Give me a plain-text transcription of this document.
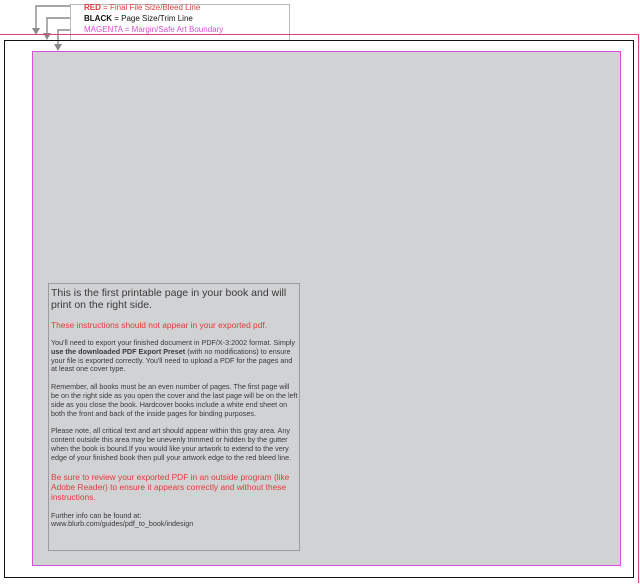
RED = Final File Size/Bleed Line
BLACK = Page Size/Trim Line
MAGENTA = Margin/Safe Art Boundary

This is the first printable page in your book and will print on the right side.

These instructions should not appear in your exported pdf.

You'll need to export your finished document in PDF/X-3:2002 format. Simply use the downloaded PDF Export Preset (with no modifications) to ensure your file is exported correctly. You'll need to upload a PDF for the pages and at least one cover type.

Remember, all books must be an even number of pages. The first page will be on the right side as you open the cover and the last page will be on the left side as you close the book. Hardcover books include a white end sheet on both the front and back of the inside pages for binding purposes.

Please note, all critical text and art should appear within this gray area. Any content outside this area may be unevenly trimmed or hidden by the gutter when the book is bound.If you would like your artwork to extend to the very edge of your finished book then pull your artwork edge to the red bleed line.

Be sure to review your exported PDF in an outside program (like Adobe Reader) to ensure it appears correctly and without these instructions.

Further info can be found at:

www.blurb.com/guides/pdf_to_book/indesign
